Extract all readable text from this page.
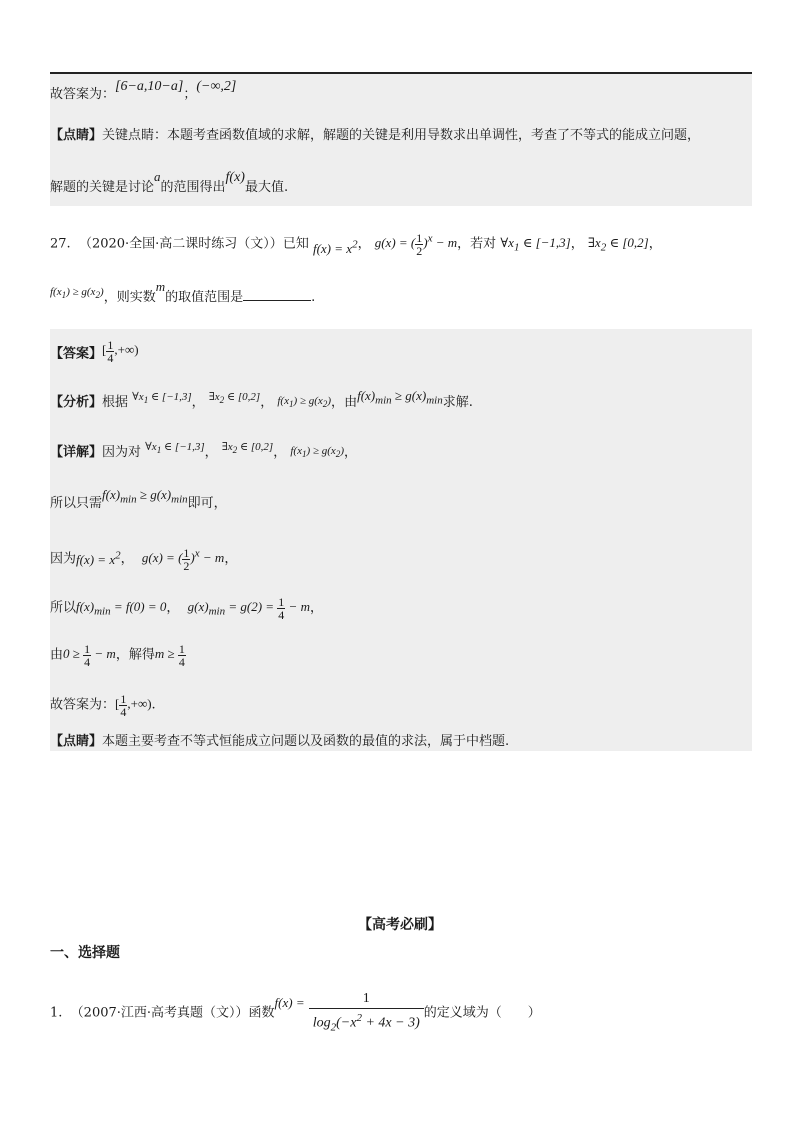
故答案为：[6−a,10−a]；(−∞,2]
【点睛】关键点睛：本题考查函数值域的求解，解题的关键是利用导数求出单调性，考查了不等式的能成立问题，
解题的关键是讨论a的范围得出f(x)最大值.
27. （2020·全国·高二课时练习（文））已知 $f(x) = x^2$， g(x) = ( $\frac{1}{2} )^x - m$，若对 $\forall x_1$ ∈ [−1,3]， $\exists x_2$ ∈ [0,2]，
$^{f(x_1) \ge g(x_2)}$，则实数m的取值范围是	.
【答案】[ $\frac{1}{4}$ ,+∞)
【分析】根据 $^{\forall x_1 \in [-1,3]}$， $^{\exists x_2 \in [0,2]}$， $f(x_1) \ge g(x_2)$，由$f(x)_{min} \ge g(x)_{min}$求解.
【详解】因为对 $^{\forall x_1 \in [-1,3]}$， $^{\exists x_2 \in [0,2]}$， $f(x_1) \ge g(x_2)$，
所以只需$f(x)_{min} \ge g(x)_{min}$即可，
因为$f(x) = x^2$，  g(x) = ( $\frac{1}{2} )^x - m$，
所以$f(x)_{min} = f(0) = 0$，  $g(x)_{min} = g(2) = \frac{1}{4} - m$，
由$0 \ge \frac{1}{4} - m$，解得$m \ge \frac{1}{4}$
故答案为：[ $\frac{1}{4}$ ,+∞).
【点睛】本题主要考查不等式恒能成立问题以及函数的最值的求法，属于中档题.
【高考必刷】
一、选择题
1. （2007·江西·高考真题（文））函数$f(x) = \frac{1}{\log_2(-x^2 + 4x - 3)}$ 的定义域为（　　）
